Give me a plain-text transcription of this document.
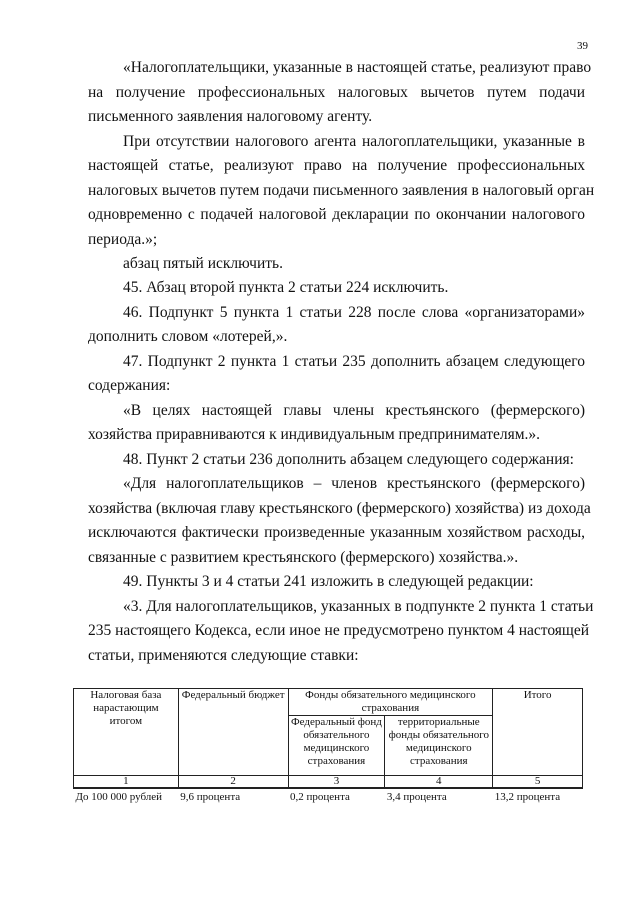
39
«Налогоплательщики, указанные в настоящей статье, реализуют право
на получение профессиональных налоговых вычетов путем подачи
письменного заявления налоговому агенту.
При отсутствии налогового агента налогоплательщики, указанные в
настоящей статье, реализуют право на получение профессиональных
налоговых вычетов путем подачи письменного заявления в налоговый орган
одновременно с подачей налоговой декларации по окончании налогового
периода.»;
абзац пятый исключить.
45. Абзац второй пункта 2 статьи 224 исключить.
46. Подпункт 5 пункта 1 статьи 228 после слова «организаторами»
дополнить словом «лотерей,».
47. Подпункт 2 пункта 1 статьи 235 дополнить абзацем следующего
содержания:
«В целях настоящей главы члены крестьянского (фермерского)
хозяйства приравниваются к индивидуальным предпринимателям.».
48. Пункт 2 статьи 236 дополнить абзацем следующего содержания:
«Для налогоплательщиков – членов крестьянского (фермерского)
хозяйства (включая главу крестьянского (фермерского) хозяйства) из дохода
исключаются фактически произведенные указанным хозяйством расходы,
связанные с развитием крестьянского (фермерского) хозяйства.».
49. Пункты 3 и 4 статьи 241 изложить в следующей редакции:
«3. Для налогоплательщиков, указанных в подпункте 2 пункта 1 статьи
235 настоящего Кодекса, если иное не предусмотрено пунктом 4 настоящей
статьи, применяются следующие ставки:
Налоговая база нарастающим итогом	Федеральный бюджет	Фонды обязательного медицинского страхования		Итого
		Федеральный фонд обязательного медицинского страхования	территориальные фонды обязательного медицинского страхования	
1	2	3	4	5
До 100 000 рублей	9,6 процента	0,2 процента	3,4 процента	13,2 процента
